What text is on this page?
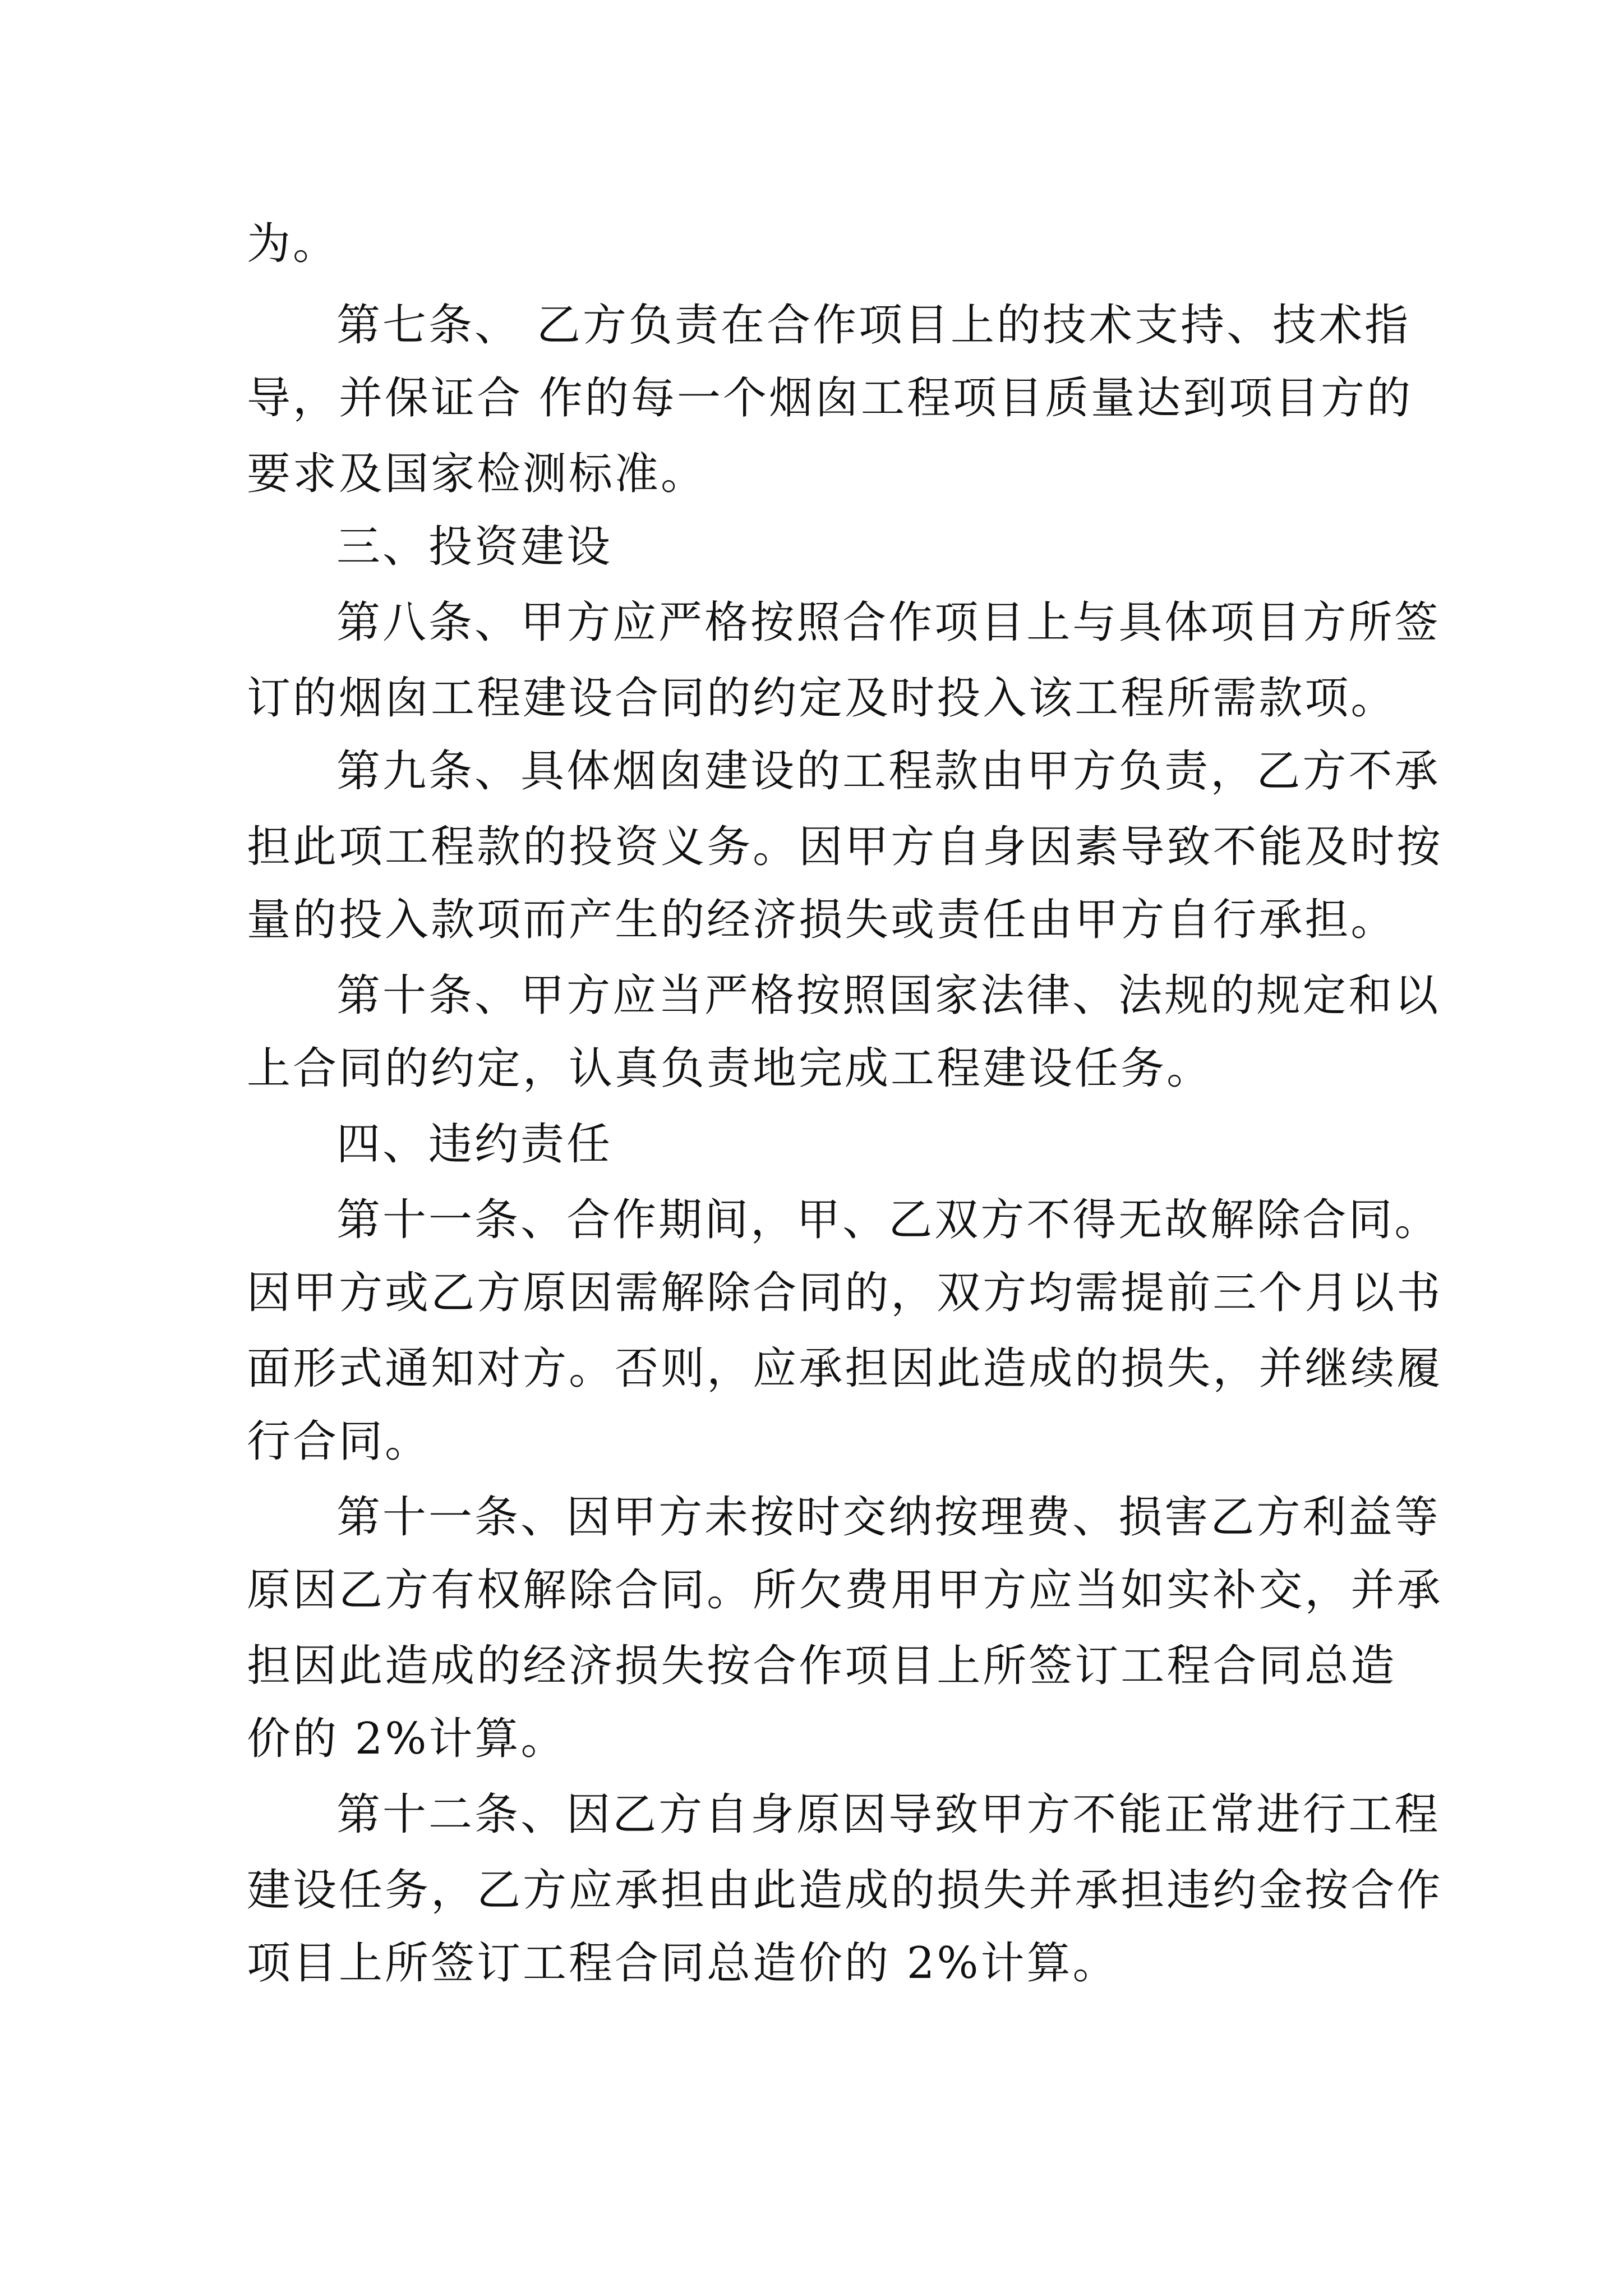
为。
第 七 条 、
乙 方 负 责 在 合 作 项 目 上 的 技 术 支 持 、 技 术 指
导 ， 并 保 证 合
作 的 每 一 个 烟 囱 工 程 项 目 质 量 达 到 项 目 方 的
要求及国家检测标准。
三、投资建设
第 八 条 、 甲 方 应 严 格 按 照 合 作 项 目 上 与 具 体 项 目 方 所 签
订 的 烟 囱 工 程 建 设 合 同 的 约 定 及 时 投 入 该 工 程 所 需 款 项 。
第 九 条 、 具 体 烟 囱 建 设 的 工 程 款 由 甲 方 负 责 ， 乙 方 不 承
担 此 项 工 程 款 的 投 资 义 务 。 因 甲 方 自 身 因 素 导 致 不 能 及 时 按
量 的 投 入 款 项 而 产 生 的 经 济 损 失 或 责 任 由 甲 方 自 行 承 担 。
第 十 条 、 甲 方 应 当 严 格 按 照 国 家 法 律 、 法 规 的 规 定 和 以
上合同的约定，认真负责地完成工程建设任务。
四、违约责任
第 十 一 条 、 合 作 期 间 ， 甲 、 乙 双 方 不 得 无 故 解 除 合 同 。
因 甲 方 或 乙 方 原 因 需 解 除 合 同 的 ， 双 方 均 需 提 前 三 个 月 以 书
面 形 式 通 知 对 方 。 否 则 ， 应 承 担 因 此 造 成 的 损 失 ， 并 继 续 履
行合同。
第 十 一 条 、 因 甲 方 未 按 时 交 纳 按 理 费 、 损 害 乙 方 利 益 等
原 因 乙 方 有 权 解 除 合 同 。 所 欠 费 用 甲 方 应 当 如 实 补 交 ， 并 承
担 因 此 造 成 的 经 济 损 失 按 合 作 项 目 上 所 签 订 工 程 合 同 总 造
价的 2%计算。
第 十 二 条 、 因 乙 方 自 身 原 因 导 致 甲 方 不 能 正 常 进 行 工 程
建 设 任 务 ， 乙 方 应 承 担 由 此 造 成 的 损 失 并 承 担 违 约 金 按 合 作
项目上所签订工程合同总造价的 2%计算。
